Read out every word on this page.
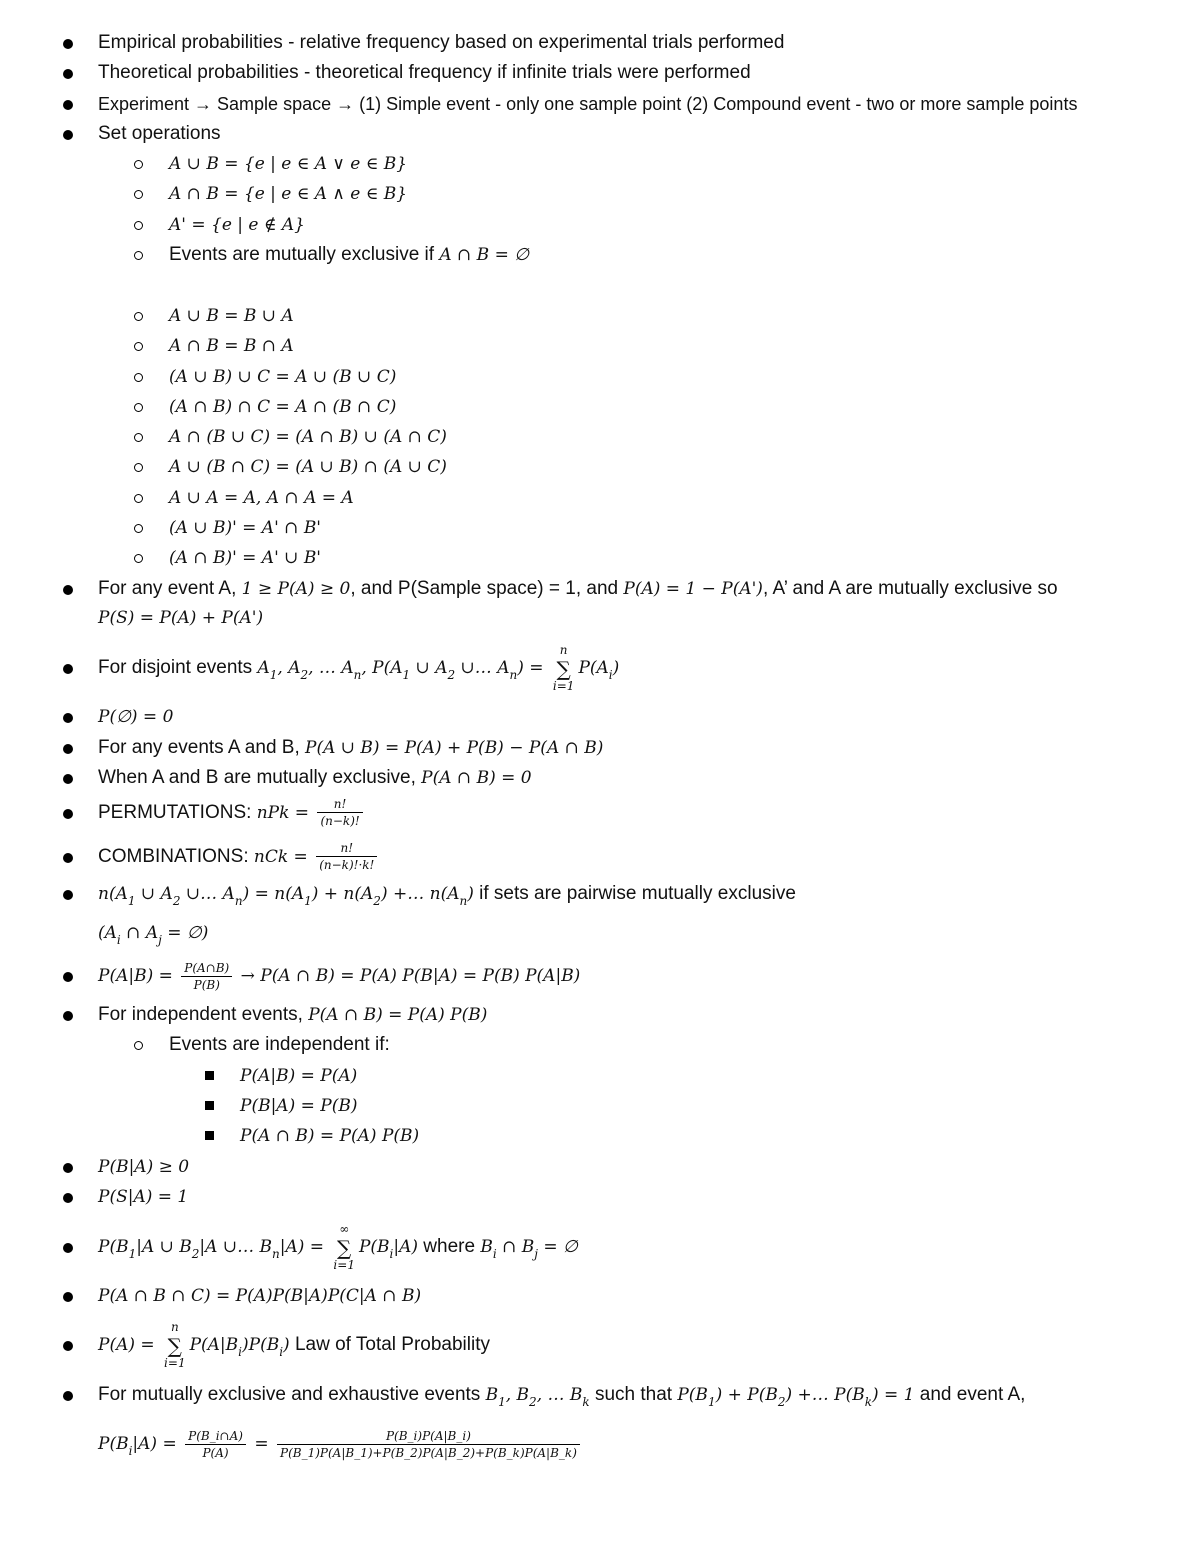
Empirical probabilities - relative frequency based on experimental trials performed
Theoretical probabilities - theoretical frequency if infinite trials were performed
Experiment → Sample space → (1) Simple event - only one sample point (2) Compound event - two or more sample points
Set operations
A ∪ B = {e | e ∈ A ∨ e ∈ B}
A ∩ B = {e | e ∈ A ∧ e ∈ B}
A' = {e | e ∉ A}
Events are mutually exclusive if A ∩ B = ∅
A ∪ B = B ∪ A
A ∩ B = B ∩ A
(A ∪ B) ∪ C = A ∪ (B ∪ C)
(A ∩ B) ∩ C = A ∩ (B ∩ C)
A ∩ (B ∪ C) = (A ∩ B) ∪ (A ∩ C)
A ∪ (B ∩ C) = (A ∪ B) ∩ (A ∪ C)
A ∪ A = A, A ∩ A = A
(A ∪ B)' = A' ∩ B'
(A ∩ B)' = A' ∪ B'
For any event A, 1 ≥ P(A) ≥ 0, and P(Sample space) = 1, and P(A) = 1 − P(A'), A’ and A are mutually exclusive so
P(S) = P(A) + P(A')
For disjoint events $A_1$, $A_2$, … $A_n$, $P(A_1$ ∪ $A_2$ ∪… $A_n$) =
n
∑
i=1
$P(A_i)$
P(∅) = 0
For any events A and B, P(A ∪ B) = P(A) + P(B) − P(A ∩ B)
When A and B are mutually exclusive, P(A ∩ B) = 0
PERMUTATIONS: nPk = $\frac{n!}{(n-k)!}$
COMBINATIONS: nCk = $\frac{n!}{(n-k)!\cdot k!}$
$n(A_1$ ∪ $A_2$ ∪… $A_n) = n(A_1) + n(A_2)$ +… $n(A_n)$ if sets are pairwise mutually exclusive
($A_i$ ∩ $A_j$ = ∅)
$P(A|B) = \frac{P(A\cap B)}{P(B)} \to P(A$ ∩ B) = P(A) P(B|A) = P(B) P(A|B)
For independent events, P(A ∩ B) = P(A) P(B)
Events are independent if:
P(A|B) = P(A)
P(B|A) = P(B)
P(A ∩ B) = P(A) P(B)
P(B|A) ≥ 0
P(S|A) = 1
$P(B_1|A$ ∪ $B_2|A$ ∪… $B_n|A$) =
∞
∑
i=1
$P(B_i|A)$ where $B_i$ ∩ $B_j$ = ∅
P(A ∩ B ∩ C) = P(A)P(B|A)P(C|A ∩ B)
P(A) =
n
∑
i=1
$P(A|B_i)P(B_i)$ Law of Total Probability
For mutually exclusive and exhaustive events $B_1$, $B_2$, … $B_k$ such that $P(B_1) + P(B_2)$ +… $P(B_k) = 1$ and event A,
$P(B_i|A) = \frac{P(B\_i\cap A)}{P(A)} = \frac{P(B\_i)P(A|B\_i)}{P(B\_1)P(A|B\_1)+P(B\_2)P(A|B\_2)+P(B\_k)P(A|B\_k)}$
